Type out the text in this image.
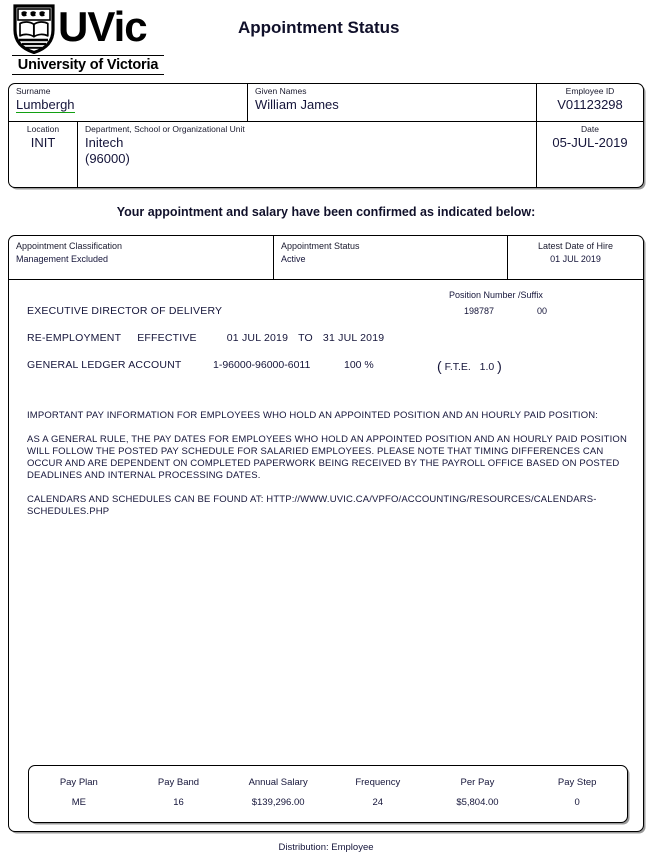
UVic
University of Victoria
Appointment Status
Surname
Lumbergh
Given Names
William James
Employee ID
V01123298
Location
INIT
Department, School or Organizational Unit
Initech
(96000)
Date
05-JUL-2019
Your appointment and salary have been confirmed as indicated below:
Appointment Classification
Management Excluded
Appointment Status
Active
Latest Date of Hire
01 JUL 2019
Position Number /Suffix
198787	00
EXECUTIVE DIRECTOR OF DELIVERY
RE-EMPLOYMENT EFFECTIVE	01 JUL 2019 TO 31 JUL 2019
GENERAL LEDGER ACCOUNT	1-96000-96000-6011	100 %	( F.T.E. 1.0 )

IMPORTANT PAY INFORMATION FOR EMPLOYEES WHO HOLD AN APPOINTED POSITION AND AN HOURLY PAID POSITION:

AS A GENERAL RULE, THE PAY DATES FOR EMPLOYEES WHO HOLD AN APPOINTED POSITION AND AN HOURLY PAID POSITION WILL FOLLOW THE POSTED PAY SCHEDULE FOR SALARIED EMPLOYEES. PLEASE NOTE THAT TIMING DIFFERENCES CAN OCCUR AND ARE DEPENDENT ON COMPLETED PAPERWORK BEING RECEIVED BY THE PAYROLL OFFICE BASED ON POSTED DEADLINES AND INTERNAL PROCESSING DATES.

CALENDARS AND SCHEDULES CAN BE FOUND AT: HTTP://WWW.UVIC.CA/VPFO/ACCOUNTING/RESOURCES/CALENDARS-SCHEDULES.PHP

Pay Plan	Pay Band	Annual Salary	Frequency	Per Pay	Pay Step
ME	16	$139,296.00	24	$5,804.00	0
Distribution: Employee
